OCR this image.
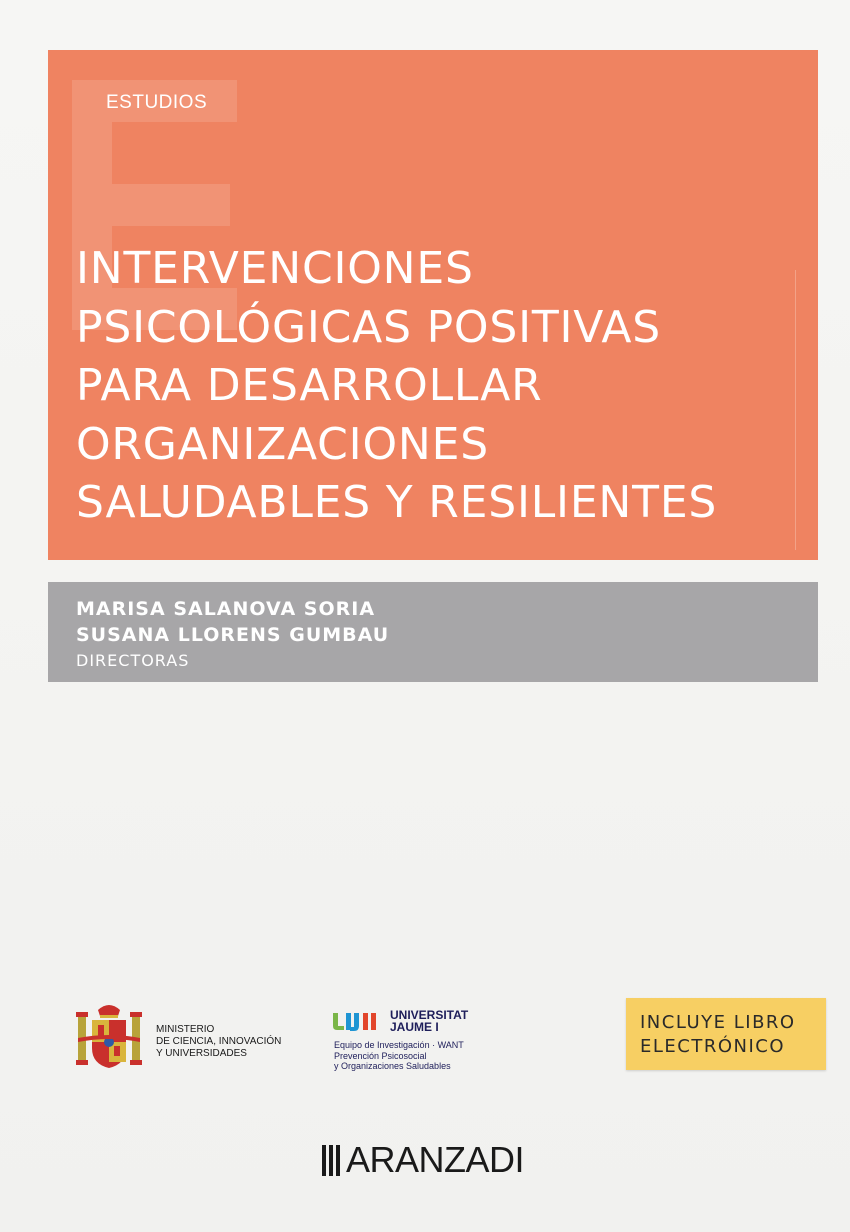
ESTUDIOS
INTERVENCIONES
PSICOLÓGICAS POSITIVAS
PARA DESARROLLAR
ORGANIZACIONES
SALUDABLES Y RESILIENTES
MARISA SALANOVA SORIA
SUSANA LLORENS GUMBAU
DIRECTORAS
MINISTERIO
DE CIENCIA, INNOVACIÓN
Y UNIVERSIDADES
UNIVERSITAT
JAUME I
Equipo de Investigación · WANT
Prevención Psicosocial
y Organizaciones Saludables
INCLUYE LIBRO
ELECTRÓNICO
ARANZADI
